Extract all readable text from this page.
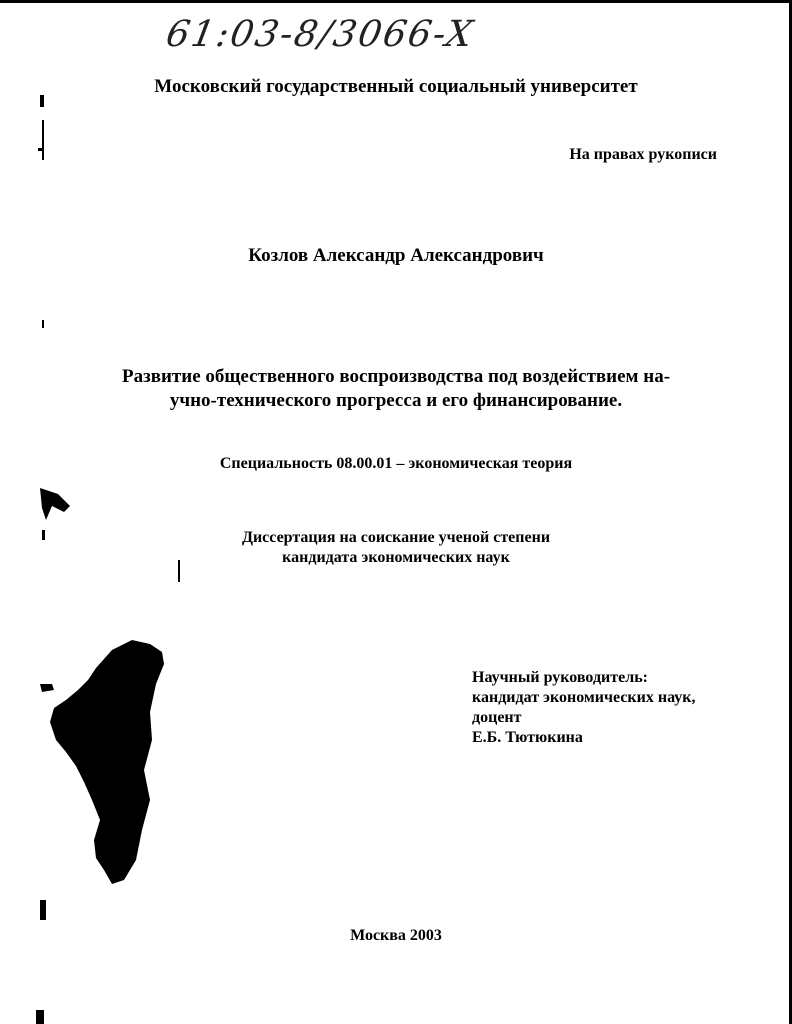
61:03-8/3066-X
Московский государственный социальный университет
На правах рукописи
Козлов Александр Александрович
Развитие общественного воспроизводства под воздействием на-
учно-технического прогресса и его финансирование.
Специальность 08.00.01 – экономическая теория
Диссертация на соискание ученой степени
кандидата экономических наук
Научный руководитель:
кандидат экономических наук,
доцент
Е.Б. Тютюкина
Москва 2003
